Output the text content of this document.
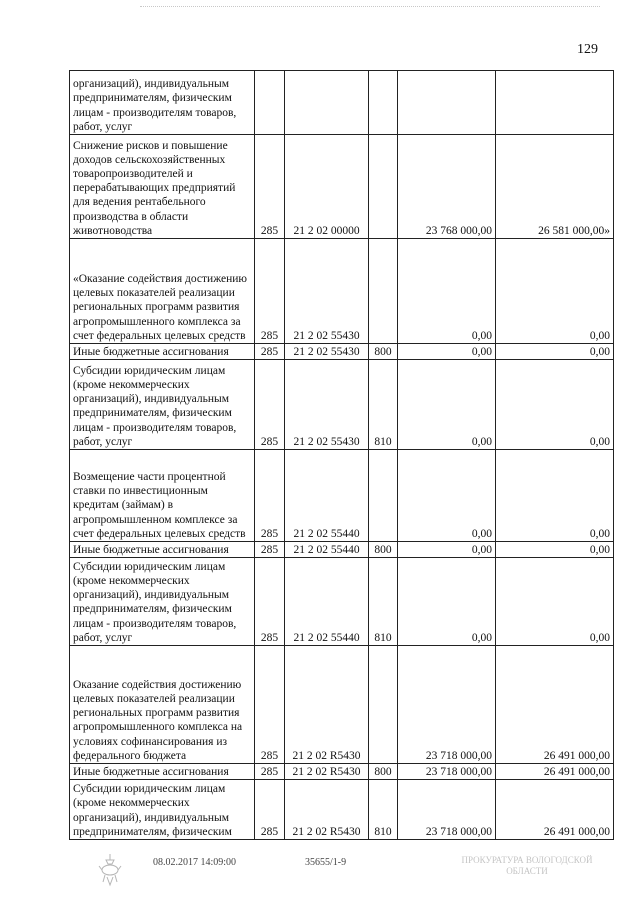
129
организаций), индивидуальным предпринимателям, физическим лицам - производителям товаров, работ, услуг					
Снижение рисков и повышение доходов сельскохозяйственных товаропроизводителей и перерабатывающих предприятий для ведения рентабельного производства в области животноводства	285	21 2 02 00000		23 768 000,00	26 581 000,00»
«Оказание содействия достижению целевых показателей реализации региональных программ развития агропромышленного комплекса за счет федеральных целевых средств	285	21 2 02 55430		0,00	0,00
Иные бюджетные ассигнования	285	21 2 02 55430	800	0,00	0,00
Субсидии юридическим лицам (кроме некоммерческих организаций), индивидуальным предпринимателям, физическим лицам - производителям товаров, работ, услуг	285	21 2 02 55430	810	0,00	0,00
Возмещение части процентной ставки по инвестиционным кредитам (займам) в агропромышленном комплексе за счет федеральных целевых средств	285	21 2 02 55440		0,00	0,00
Иные бюджетные ассигнования	285	21 2 02 55440	800	0,00	0,00
Субсидии юридическим лицам (кроме некоммерческих организаций), индивидуальным предпринимателям, физическим лицам - производителям товаров, работ, услуг	285	21 2 02 55440	810	0,00	0,00
Оказание содействия достижению целевых показателей реализации региональных программ развития агропромышленного комплекса на условиях софинансирования из федерального бюджета	285	21 2 02 R5430		23 718 000,00	26 491 000,00
Иные бюджетные ассигнования	285	21 2 02 R5430	800	23 718 000,00	26 491 000,00
Субсидии юридическим лицам (кроме некоммерческих организаций), индивидуальным предпринимателям, физическим	285	21 2 02 R5430	810	23 718 000,00	26 491 000,00
08.02.2017 14:09:00	35655/1-9	ПРОКУРАТУРА ВОЛОГОДСКОЙ
ОБЛАСТИ
